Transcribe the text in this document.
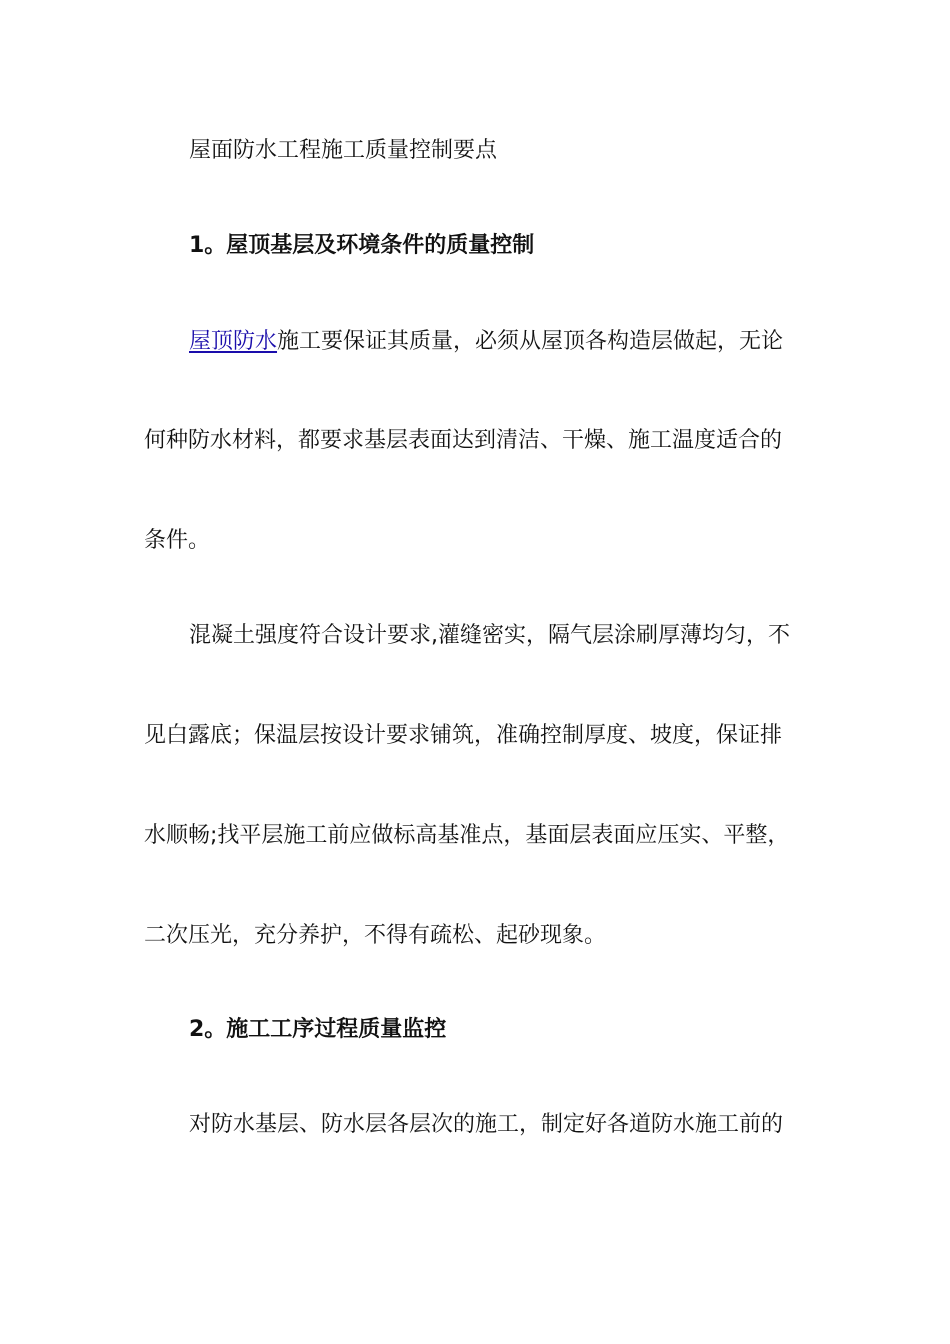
屋面防水工程施工质量控制要点
1。屋顶基层及环境条件的质量控制
屋顶防水施工要保证其质量，必须从屋顶各构造层做起，无论
何种防水材料，都要求基层表面达到清洁、干燥、施工温度适合的
条件。
混凝土强度符合设计要求,灌缝密实，隔气层涂刷厚薄均匀，不
见白露底；保温层按设计要求铺筑，准确控制厚度、坡度，保证排
水顺畅;找平层施工前应做标高基准点，基面层表面应压实、平整，
二次压光，充分养护，不得有疏松、起砂现象。
2。施工工序过程质量监控
对防水基层、防水层各层次的施工，制定好各道防水施工前的
